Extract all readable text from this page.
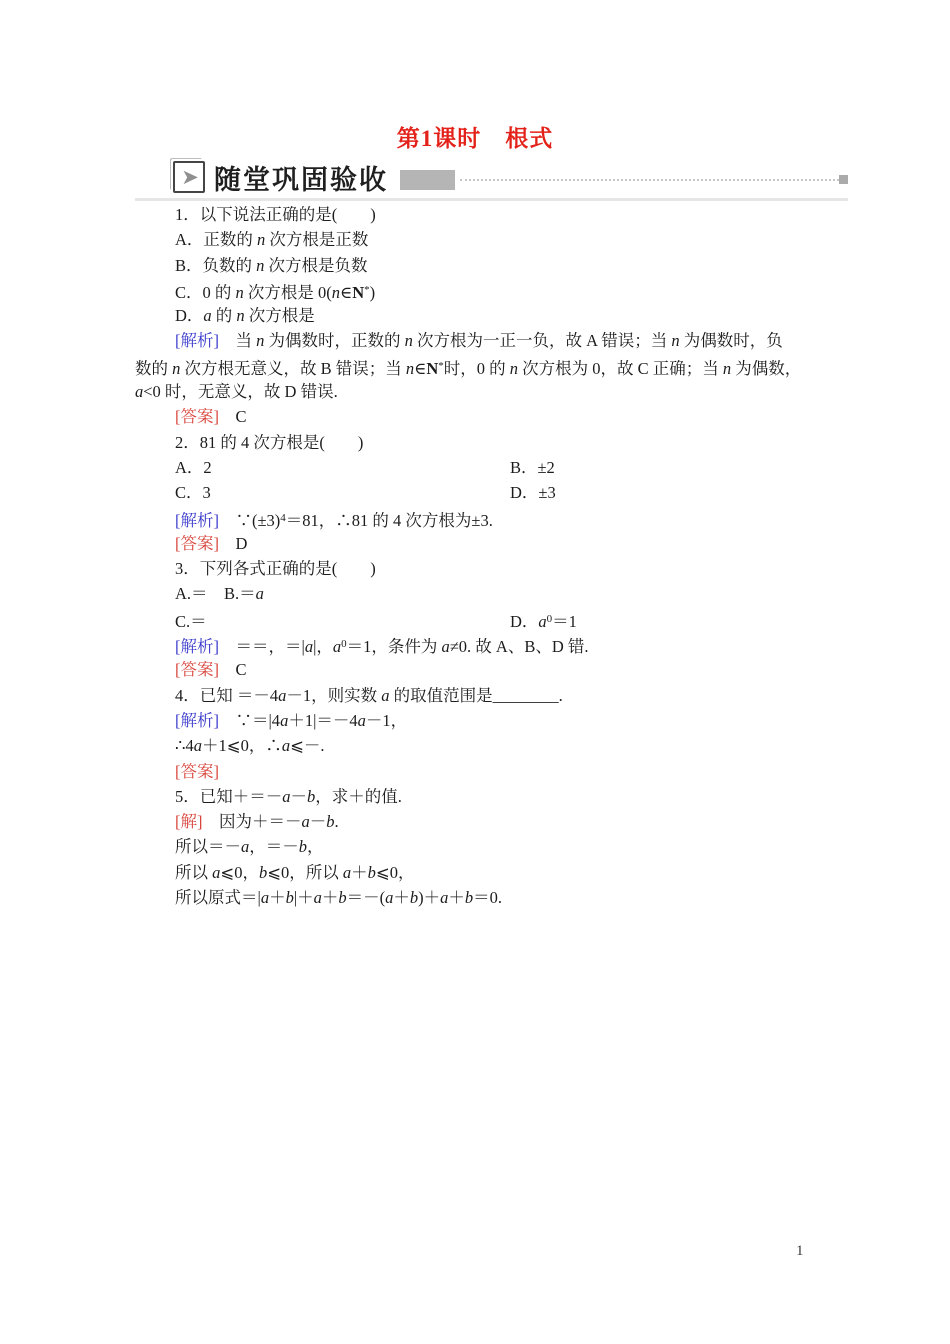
第1课时　根式
➤ 随堂巩固验收
1．以下说法正确的是(　　)
A．正数的 n 次方根是正数
B．负数的 n 次方根是负数
C．0 的 n 次方根是 0(n∈N*)
D．a 的 n 次方根是
[解析]　当 n 为偶数时，正数的 n 次方根为一正一负，故 A 错误；当 n 为偶数时，负
数的 n 次方根无意义，故 B 错误；当 n∈N*时，0 的 n 次方根为 0，故 C 正确；当 n 为偶数，
a<0 时，无意义，故 D 错误.
[答案]　C
2．81 的 4 次方根是(　　)
A．2	B．±2
C．3	D．±3
[解析]　$\because(\pm 3)^4=81$，∴81 的 4 次方根为±3.
[答案]　D
3．下列各式正确的是(　　)
A.＝　B.＝a
C.＝	D．$a^0=1$
[解析]　＝＝，＝|a|，$a^0=1$，条件为 a≠0. 故 A、B、D 错.
[答案]　C
4．已知 ＝－4a－1，则实数 a 的取值范围是________.
[解析]　∵＝|4a＋1|＝－4a－1，
∴4a＋1⩽0，∴a⩽－.
[答案]
5．已知＋＝－a－b，求＋的值.
[解]　因为＋＝－a－b.
所以＝－a，＝－b，
所以 a⩽0，b⩽0，所以 a＋b⩽0，
所以原式＝|a＋b|＋a＋b＝－(a＋b)＋a＋b＝0.
1
